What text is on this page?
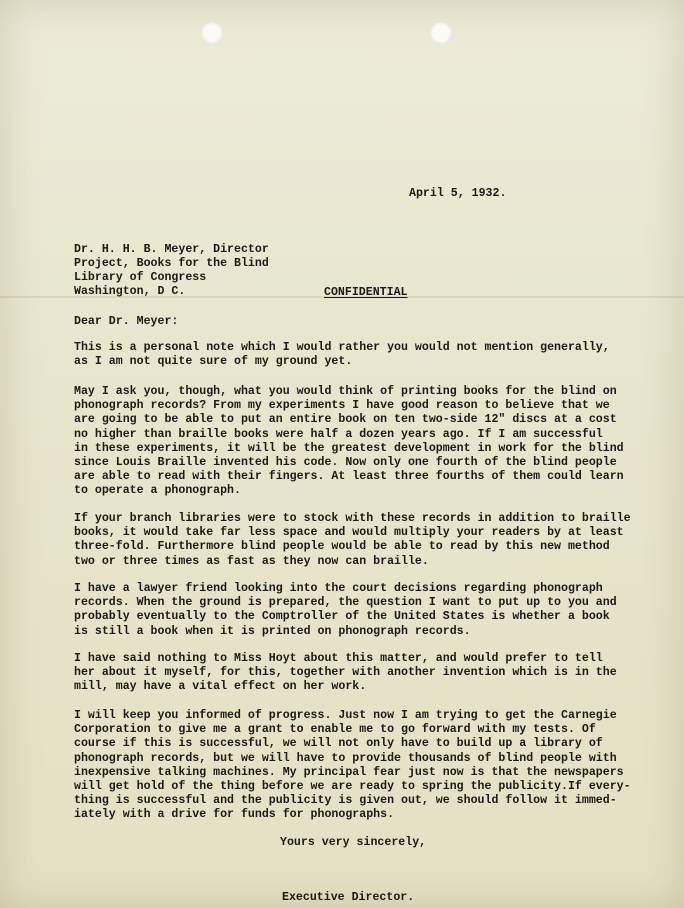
April 5, 1932.
Dr. H. H. B. Meyer, Director
Project, Books for the Blind
Library of Congress
Washington, D C.	CONFIDENTIAL
Dear Dr. Meyer:
This is a personal note which I would rather you would not mention generally,
as I am not quite sure of my ground yet.
May I ask you, though, what you would think of printing books for the blind on
phonograph records? From my experiments I have good reason to believe that we
are going to be able to put an entire book on ten two-side 12" discs at a cost
no higher than braille books were half a dozen years ago. If I am successful
in these experiments, it will be the greatest development in work for the blind
since Louis Braille invented his code. Now only one fourth of the blind people
are able to read with their fingers. At least three fourths of them could learn
to operate a phonograph.
If your branch libraries were to stock with these records in addition to braille
books, it would take far less space and would multiply your readers by at least
three-fold. Furthermore blind people would be able to read by this new method
two or three times as fast as they now can braille.
I have a lawyer friend looking into the court decisions regarding phonograph
records. When the ground is prepared, the question I want to put up to you and
probably eventually to the Comptroller of the United States is whether a book
is still a book when it is printed on phonograph records.
I have said nothing to Miss Hoyt about this matter, and would prefer to tell
her about it myself, for this, together with another invention which is in the
mill, may have a vital effect on her work.
I will keep you informed of progress. Just now I am trying to get the Carnegie
Corporation to give me a grant to enable me to go forward with my tests. Of
course if this is successful, we will not only have to build up a library of
phonograph records, but we will have to provide thousands of blind people with
inexpensive talking machines. My principal fear just now is that the newspapers
will get hold of the thing before we are ready to spring the publicity.If every-
thing is successful and the publicity is given out, we should follow it immed-
iately with a drive for funds for phonographs.
Yours very sincerely,
Executive Director.
